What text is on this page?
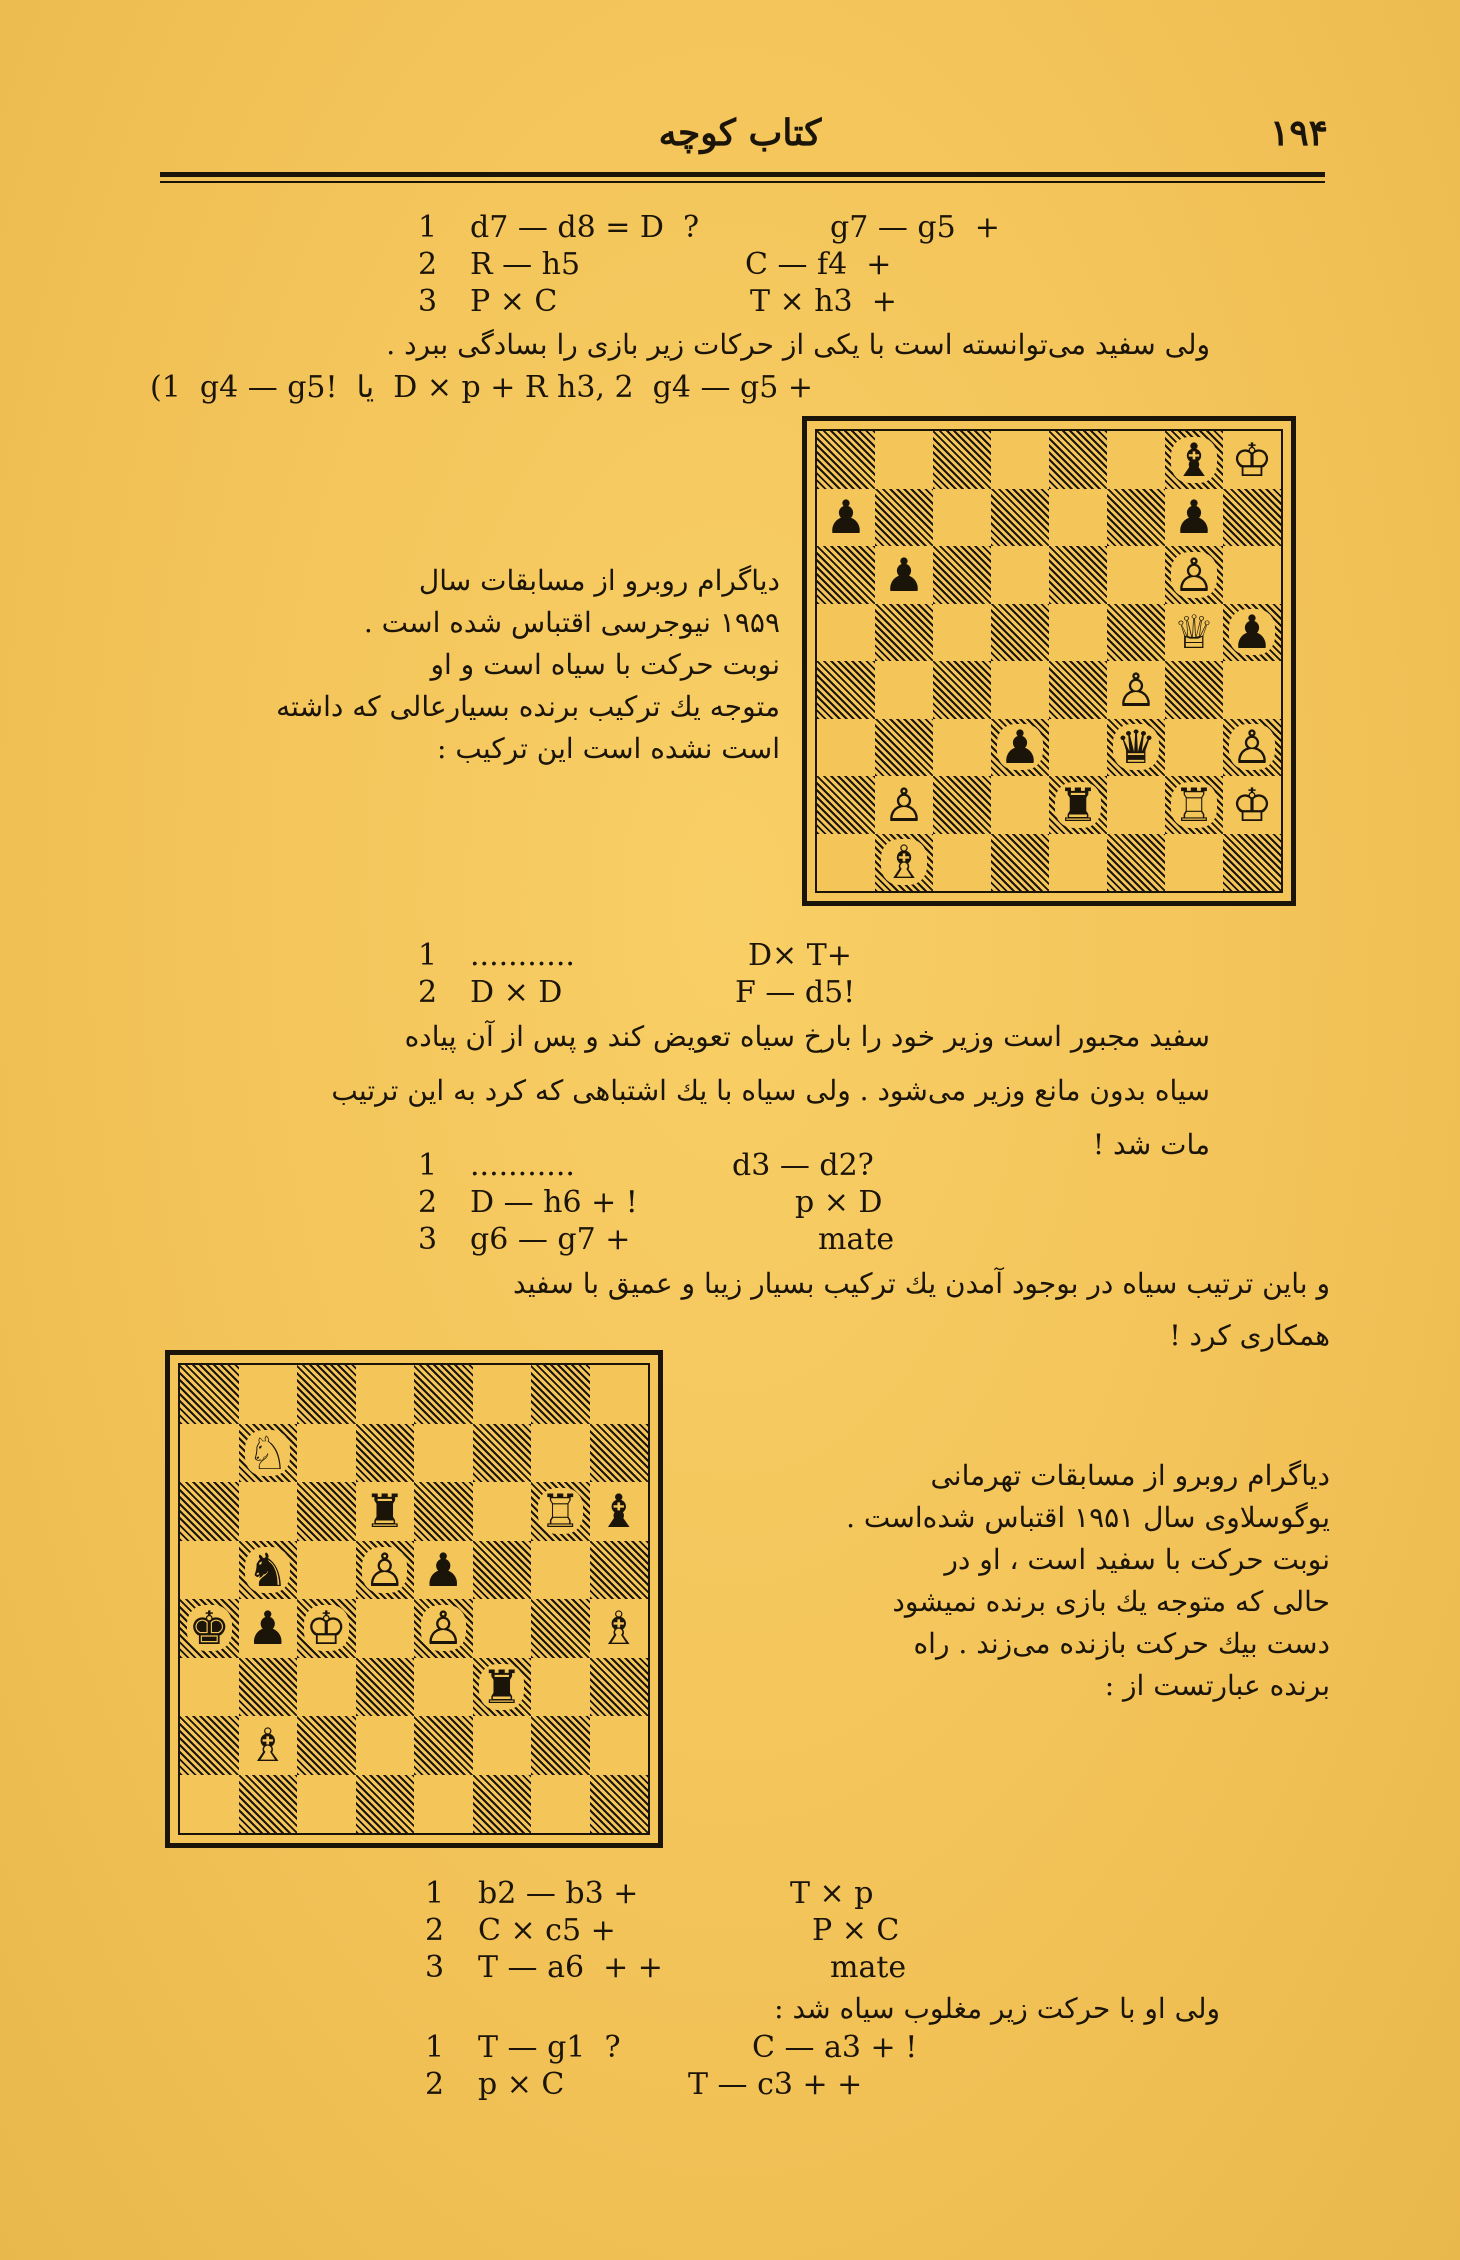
کتاب کوچه	۱۹۴
1 d7 — d8 = D  ?	g7 — g5  +
2 R — h5	C — f4  +
3 P × C	T × h3  +
ولی سفید می‌توانسته است با یکی از حرکات زیر بازی را بسادگی ببرد .
(1  g4 — g5!  یا  D × p + R h3, 2  g4 — g5 +
دیاگرام روبرو از مسابقات سال
۱۹۵۹ نیوجرسی اقتباس شده است .
نوبت حرکت با سیاه است و او
متوجه یك ترکیب برنده بسیارعالی که داشته
است نشده است این ترکیب :
♝ ♔
♟	♟
♟	♙
♕ ♟
♙
♟ ♛ ♙
♙	♜ ♖ ♔
♗
1 ...........	D× T+
2 D × D	F — d5!
سفید مجبور است وزیر خود را بارخ سیاه تعویض کند و پس از آن پیاده
سیاه بدون مانع وزیر می‌شود . ولی سیاه با یك اشتباهی که کرد به این ترتیب
مات شد !
1 ...........	d3 — d2?
2 D — h6 + !	p × D
3 g6 — g7 +	mate
و باین ترتیب سیاه در بوجود آمدن یك ترکیب بسیار زیبا و عمیق با سفید
همکاری کرد !
♘
♜	♖ ♝
♞ ♙ ♟
♚ ♟ ♔ ♙	♗
♜
♗
دیاگرام روبرو از مسابقات تهرمانی
یوگوسلاوی سال ۱۹۵۱ اقتباس شده‌است .
نوبت حرکت با سفید است ، او در
حالی که متوجه یك بازی برنده نمیشود
دست بیك حرکت بازنده می‌زند . راه
برنده عبارتست از :
1 b2 — b3 +	T × p
2 C × c5 +	P × C
3 T — a6  + +	mate
ولی او با حرکت زیر مغلوب سیاه شد :
1 T — g1  ?	C — a3 + !
2 p × C	T — c3 + +
